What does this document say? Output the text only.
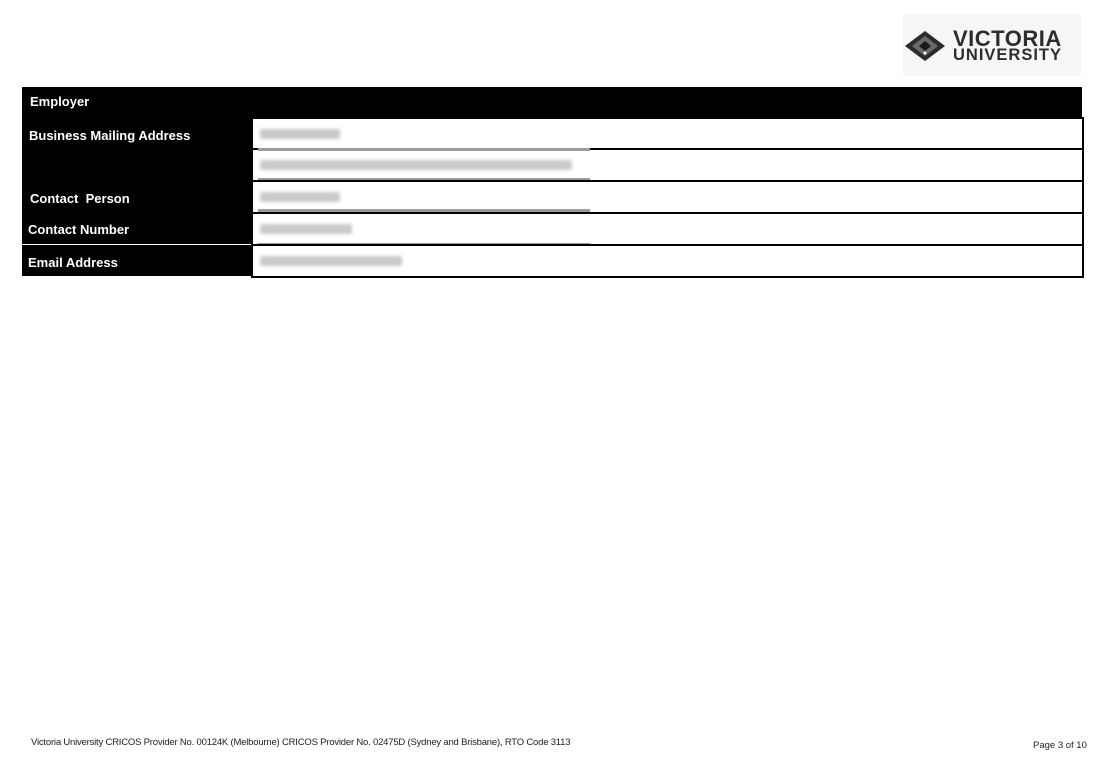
VICTORIA
UNIVERSITY
Employer
Business Mailing Address
Contact  Person
Contact Number
Email Address
Victoria University CRICOS Provider No. 00124K (Melbourne) CRICOS Provider No. 02475D (Sydney and Brisbane), RTO Code 3113	Page 3 of 10
